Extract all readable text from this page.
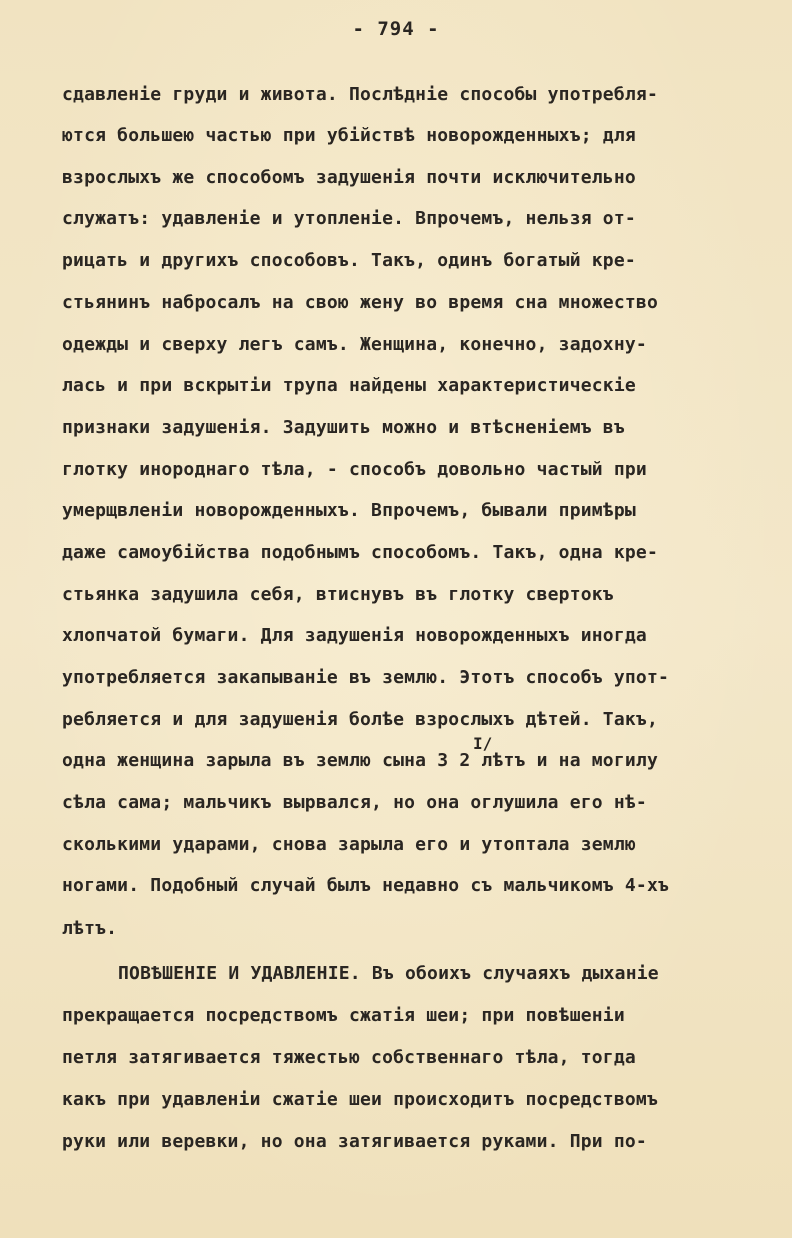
- 794 -
сдавленіе груди и живота. Послѣдніе способы употребля-
ются большею частью при убійствѣ новорожденныхъ; для
взрослыхъ же способомъ задушенія почти исключительно
служатъ: удавленіе и утопленіе. Впрочемъ, нельзя от-
рицать и другихъ способовъ. Такъ, одинъ богатый кре-
стьянинъ набросалъ на свою жену во время сна множество
одежды и сверху легъ самъ. Женщина, конечно, задохну-
лась и при вскрытіи трупа найдены характеристическіе
признаки задушенія. Задушить можно и втѣсненіемъ въ
глотку инороднаго тѣла, - способъ довольно частый при
умерщвленіи новорожденныхъ. Впрочемъ, бывали примѣры
даже самоубійства подобнымъ способомъ. Такъ, одна кре-
стьянка задушила себя, втиснувъ въ глотку свертокъ
хлопчатой бумаги. Для задушенія новорожденныхъ иногда
употребляется закапываніе въ землю. Этотъ способъ упот-
ребляется и для задушенія болѣе взрослыхъ дѣтей. Такъ,
одна женщина зарыла въ землю сына 3 2 лѣтъ и на могилу
сѣла сама; мальчикъ вырвался, но она оглушила его нѣ-
сколькими ударами, снова зарыла его и утоптала землю
ногами. Подобный случай былъ недавно съ мальчикомъ 4-хъ
лѣтъ.
ПОВѢШЕНІЕ И УДАВЛЕНІЕ. Въ обоихъ случаяхъ дыханіе
прекращается посредствомъ сжатія шеи; при повѣшеніи
петля затягивается тяжестью собственнаго тѣла, тогда
какъ при удавленіи сжатіе шеи происходитъ посредствомъ
руки или веревки, но она затягивается руками. При по-
I/
